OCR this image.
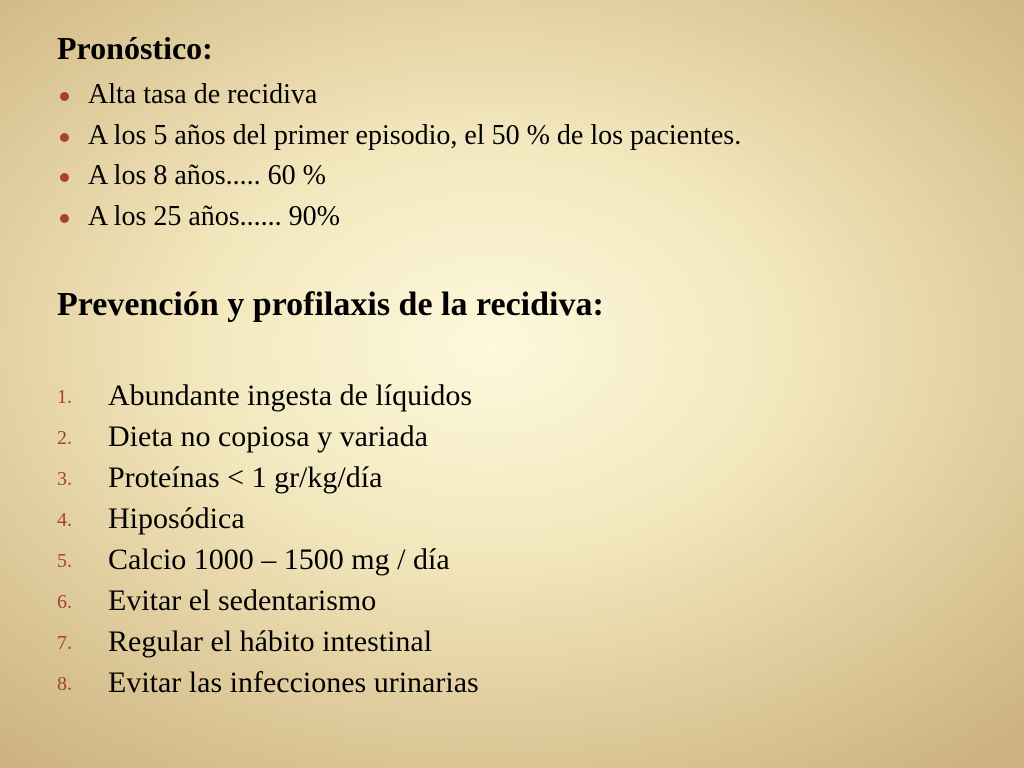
Pronóstico:
Alta tasa de recidiva
A los 5 años del primer episodio, el 50 % de los pacientes.
A los 8 años..... 60 %
A los 25 años...... 90%
Prevención y profilaxis de la recidiva:
1. Abundante ingesta de líquidos
2. Dieta no copiosa y variada
3. Proteínas < 1 gr/kg/día
4. Hiposódica
5. Calcio 1000 – 1500 mg / día
6. Evitar el sedentarismo
7. Regular el hábito intestinal
8. Evitar las infecciones urinarias
